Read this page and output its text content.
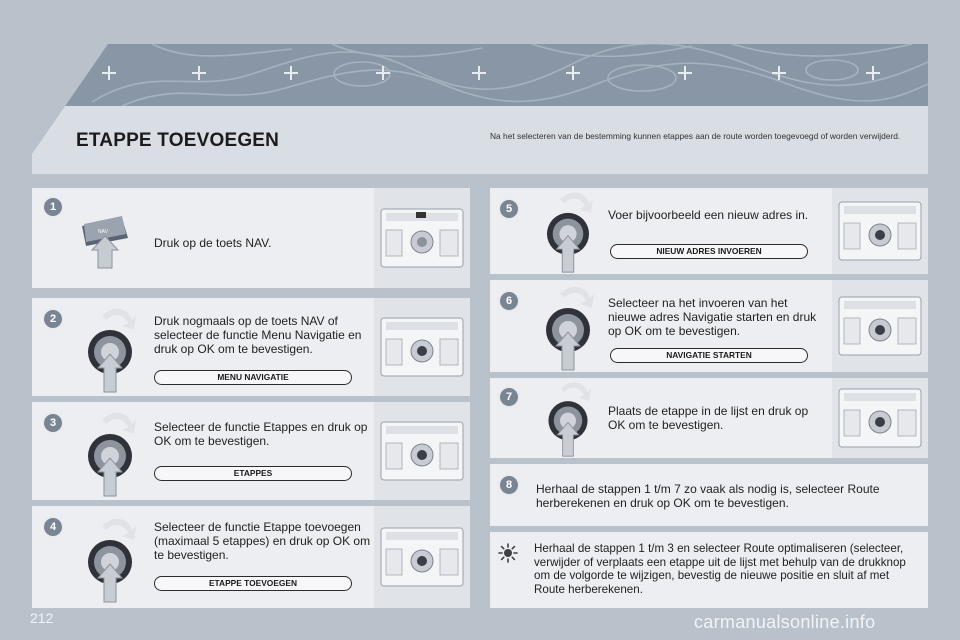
ETAPPE TOEVOEGEN	Na het selecteren van de bestemming kunnen etappes aan de route worden toegevoegd of worden verwijderd.
1
NAV
Druk op de toets NAV.
2	Druk nogmaals op de toets NAV of selecteer de functie Menu Navigatie en druk op OK om te bevestigen.
MENU NAVIGATIE
3	Selecteer de functie Etappes en druk op OK om te bevestigen.
ETAPPES
4	Selecteer de functie Etappe toevoegen (maximaal 5 etappes) en druk op OK om te bevestigen.
ETAPPE TOEVOEGEN
5	Voer bijvoorbeeld een nieuw adres in.
NIEUW ADRES INVOEREN
6	Selecteer na het invoeren van het nieuwe adres Navigatie starten en druk op OK om te bevestigen.
NAVIGATIE STARTEN
7
Plaats de etappe in de lijst en druk op OK om te bevestigen.
8	Herhaal de stappen 1 t/m 7 zo vaak als nodig is, selecteer Route herberekenen en druk op OK om te bevestigen.
Herhaal de stappen 1 t/m 3 en selecteer Route optimaliseren (selecteer, verwijder of verplaats een etappe uit de lijst met behulp van de drukknop om de volgorde te wijzigen, bevestig de nieuwe positie en sluit af met Route herberekenen.
212	carmanualsonline.info
